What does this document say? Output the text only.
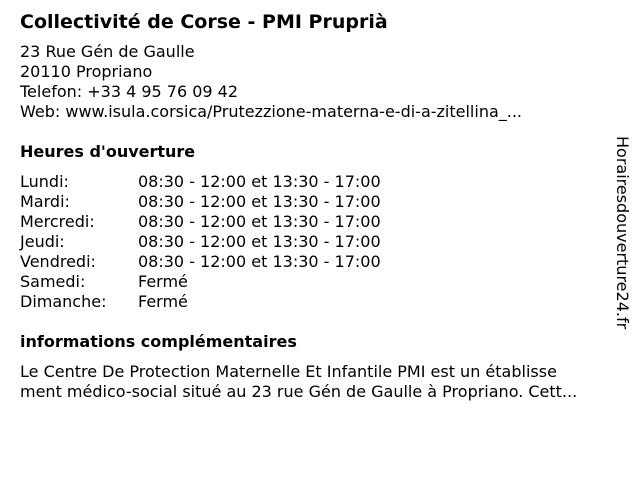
Collectivité de Corse - PMI Pruprià
23 Rue Gén de Gaulle
20110 Propriano
Telefon: +33 4 95 76 09 42
Web: www.isula.corsica/Prutezzione-materna-e-di-a-zitellina_...
Heures d'ouverture
Lundi:	08:30 - 12:00 et 13:30 - 17:00
Mardi:	08:30 - 12:00 et 13:30 - 17:00
Mercredi:	08:30 - 12:00 et 13:30 - 17:00
Jeudi:	08:30 - 12:00 et 13:30 - 17:00
Vendredi:	08:30 - 12:00 et 13:30 - 17:00
Samedi:	Fermé
Dimanche:	Fermé
informations complémentaires
Le Centre De Protection Maternelle Et Infantile PMI est un établisse
ment médico-social situé au 23 rue Gén de Gaulle à Propriano. Cett...
Horairesdouverture24.fr
